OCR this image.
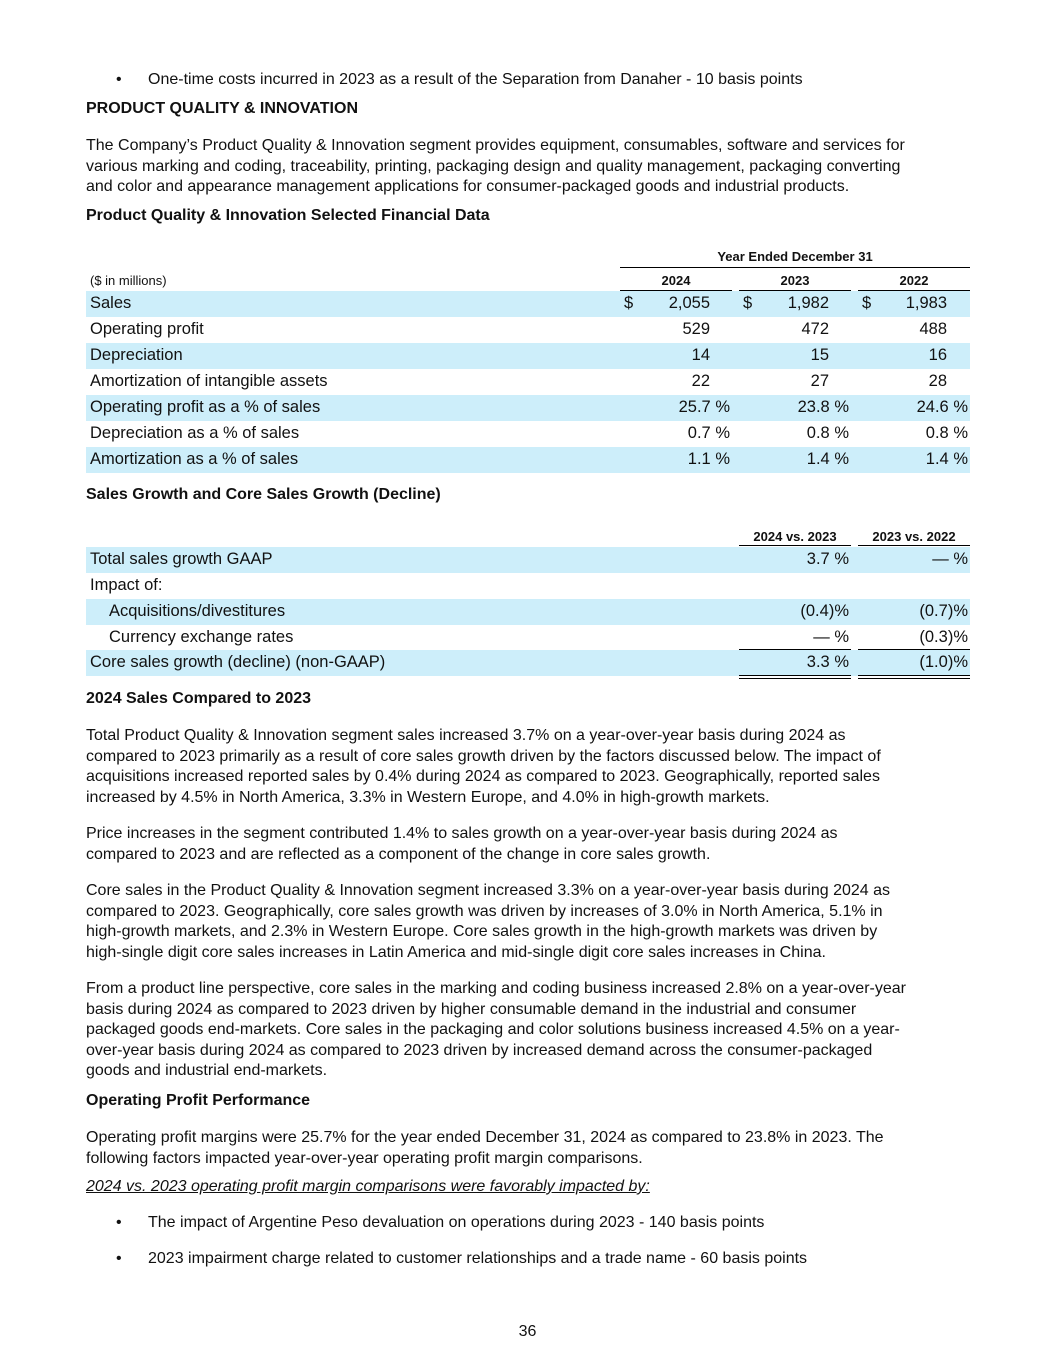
• One-time costs incurred in 2023 as a result of the Separation from Danaher - 10 basis points
PRODUCT QUALITY & INNOVATION
The Company’s Product Quality & Innovation segment provides equipment, consumables, software and services for
various marking and coding, traceability, printing, packaging design and quality management, packaging converting
and color and appearance management applications for consumer-packaged goods and industrial products.
Product Quality & Innovation Selected Financial Data
Year Ended December 31
($ in millions)	2024	2023	2022
Sales	$ 2,055 $ 1,982 $ 1,983
Operating profit	529	472	488
Depreciation	14	15	16
Amortization of intangible assets	22	27	28
Operating profit as a % of sales	25.7 %	23.8 %	24.6 %
Depreciation as a % of sales	0.7 %	0.8 %	0.8 %
Amortization as a % of sales	1.1 %	1.4 %	1.4 %
Sales Growth and Core Sales Growth (Decline)
2024 vs. 2023	2023 vs. 2022
Total sales growth GAAP	3.7 %	— %
Impact of:
Acquisitions/divestitures	(0.4)%	(0.7)%
Currency exchange rates	— %	(0.3)%
Core sales growth (decline) (non-GAAP)	3.3 %	(1.0)%
2024 Sales Compared to 2023
Total Product Quality & Innovation segment sales increased 3.7% on a year-over-year basis during 2024 as
compared to 2023 primarily as a result of core sales growth driven by the factors discussed below. The impact of
acquisitions increased reported sales by 0.4% during 2024 as compared to 2023. Geographically, reported sales
increased by 4.5% in North America, 3.3% in Western Europe, and 4.0% in high-growth markets.
Price increases in the segment contributed 1.4% to sales growth on a year-over-year basis during 2024 as
compared to 2023 and are reflected as a component of the change in core sales growth.
Core sales in the Product Quality & Innovation segment increased 3.3% on a year-over-year basis during 2024 as
compared to 2023. Geographically, core sales growth was driven by increases of 3.0% in North America, 5.1% in
high-growth markets, and 2.3% in Western Europe. Core sales growth in the high-growth markets was driven by
high-single digit core sales increases in Latin America and mid-single digit core sales increases in China.
From a product line perspective, core sales in the marking and coding business increased 2.8% on a year-over-year
basis during 2024 as compared to 2023 driven by higher consumable demand in the industrial and consumer
packaged goods end-markets. Core sales in the packaging and color solutions business increased 4.5% on a year-
over-year basis during 2024 as compared to 2023 driven by increased demand across the consumer-packaged
goods and industrial end-markets.
Operating Profit Performance
Operating profit margins were 25.7% for the year ended December 31, 2024 as compared to 23.8% in 2023. The
following factors impacted year-over-year operating profit margin comparisons.
2024 vs. 2023 operating profit margin comparisons were favorably impacted by:
• The impact of Argentine Peso devaluation on operations during 2023 - 140 basis points
• 2023 impairment charge related to customer relationships and a trade name - 60 basis points
36
